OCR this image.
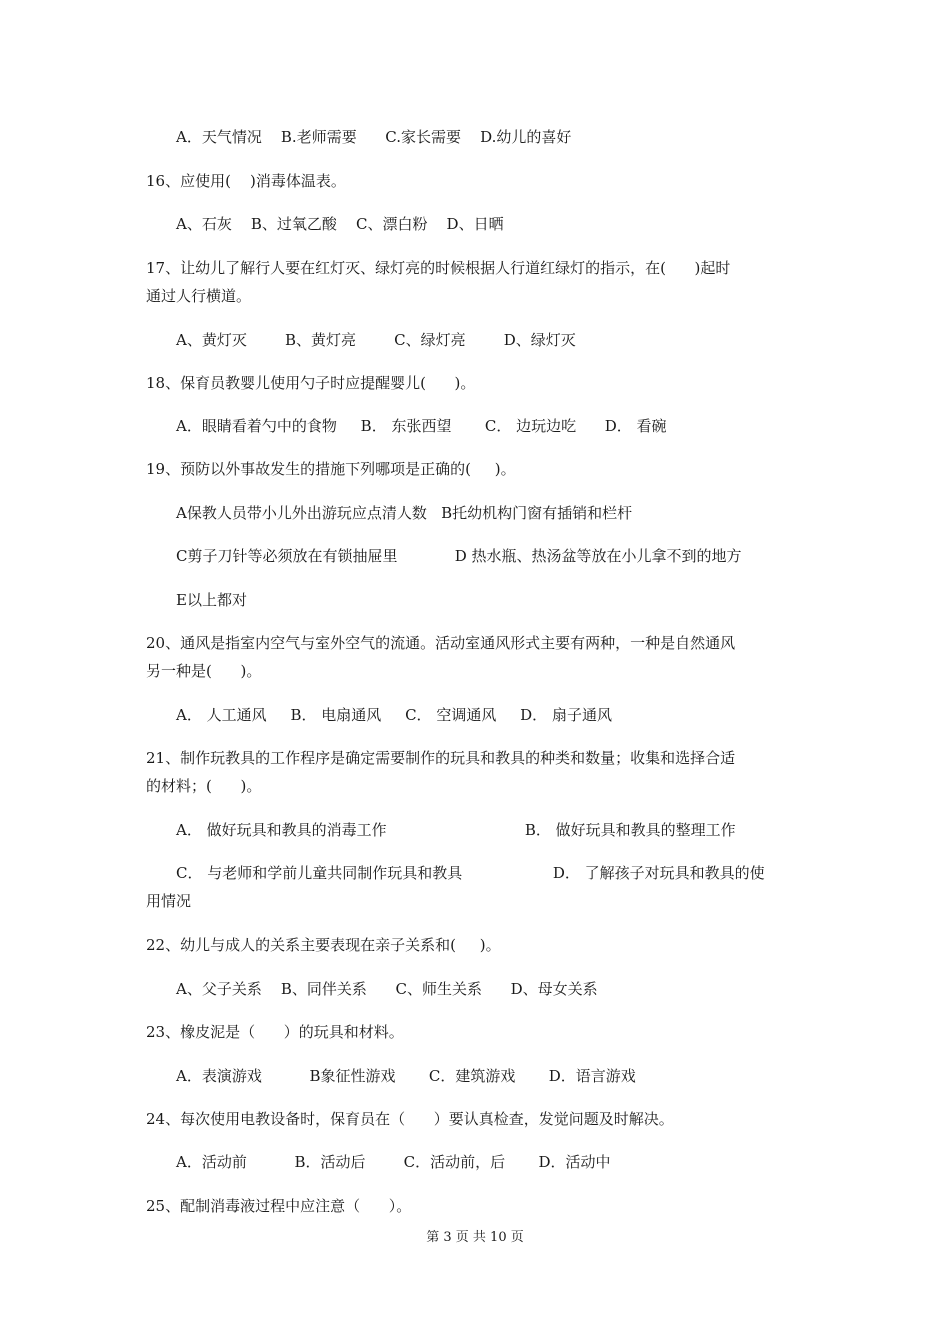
A．天气情况    B.老师需要      C.家长需要    D.幼儿的喜好
16、应使用(    )消毒体温表。
A、石灰    B、过氧乙酸    C、漂白粉    D、日晒
17、让幼儿了解行人要在红灯灭、绿灯亮的时候根据人行道红绿灯的指示，在(      )起时
通过人行横道。
A、黄灯灭        B、黄灯亮        C、绿灯亮        D、绿灯灭
18、保育员教婴儿使用勺子时应提醒婴儿(      )。
A．眼睛看着勺中的食物     B． 东张西望       C． 边玩边吃      D． 看碗
19、预防以外事故发生的措施下列哪项是正确的(     )。
A保教人员带小儿外出游玩应点清人数   B托幼机构门窗有插销和栏杆
C剪子刀针等必须放在有锁抽屉里            D 热水瓶、热汤盆等放在小儿拿不到的地方
E以上都对
20、通风是指室内空气与室外空气的流通。活动室通风形式主要有两种，一种是自然通风
另一种是(      )。
A． 人工通风     B． 电扇通风     C． 空调通风     D． 扇子通风
21、制作玩教具的工作程序是确定需要制作的玩具和教具的种类和数量；收集和选择合适
的材料；(      )。
A． 做好玩具和教具的消毒工作                             B． 做好玩具和教具的整理工作
C． 与老师和学前儿童共同制作玩具和教具                   D． 了解孩子对玩具和教具的使
用情况
22、幼儿与成人的关系主要表现在亲子关系和(     )。
A、父子关系    B、同伴关系      C、师生关系      D、母女关系
23、橡皮泥是（      ）的玩具和材料。
A．表演游戏          B象征性游戏       C．建筑游戏       D．语言游戏
24、每次使用电教设备时，保育员在（      ）要认真检查，发觉问题及时解决。
A．活动前          B．活动后        C．活动前，后       D．活动中
25、配制消毒液过程中应注意（      ）。
第 3 页 共 10 页
